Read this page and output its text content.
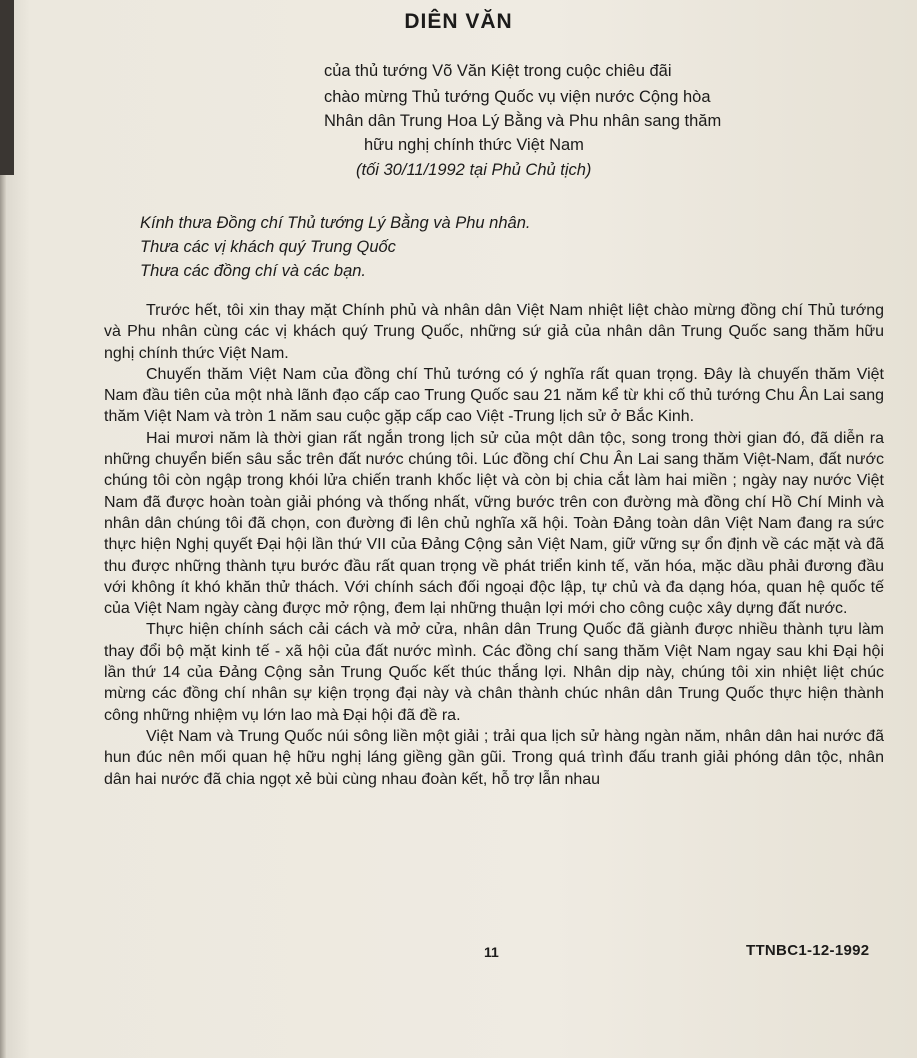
DIÊN VĂN
của thủ tướng Võ Văn Kiệt trong cuộc chiêu đãi
chào mừng Thủ tướng Quốc vụ viện nước Cộng hòa
Nhân dân Trung Hoa Lý Bằng và Phu nhân sang thăm
hữu nghị chính thức Việt Nam
(tối 30/11/1992 tại Phủ Chủ tịch)
Kính thưa Đồng chí Thủ tướng Lý Bằng và Phu nhân.
Thưa các vị khách quý Trung Quốc
Thưa các đồng chí và các bạn.

Trước hết, tôi xin thay mặt Chính phủ và nhân dân Việt Nam nhiệt liệt chào mừng đồng chí Thủ tướng và Phu nhân cùng các vị khách quý Trung Quốc, những sứ giả của nhân dân Trung Quốc sang thăm hữu nghị chính thức Việt Nam.

Chuyến thăm Việt Nam của đồng chí Thủ tướng có ý nghĩa rất quan trọng. Đây là chuyến thăm Việt Nam đầu tiên của một nhà lãnh đạo cấp cao Trung Quốc sau 21 năm kể từ khi cố thủ tướng Chu Ân Lai sang thăm Việt Nam và tròn 1 năm sau cuộc gặp cấp cao Việt -Trung lịch sử ở Bắc Kinh.

Hai mươi năm là thời gian rất ngắn trong lịch sử của một dân tộc, song trong thời gian đó, đã diễn ra những chuyển biến sâu sắc trên đất nước chúng tôi. Lúc đồng chí Chu Ân Lai sang thăm Việt-Nam, đất nước chúng tôi còn ngập trong khói lửa chiến tranh khốc liệt và còn bị chia cắt làm hai miền ; ngày nay nước Việt Nam đã được hoàn toàn giải phóng và thống nhất, vững bước trên con đường mà đồng chí Hồ Chí Minh và nhân dân chúng tôi đã chọn, con đường đi lên chủ nghĩa xã hội. Toàn Đảng toàn dân Việt Nam đang ra sức thực hiện Nghị quyết Đại hội lần thứ VII của Đảng Cộng sản Việt Nam, giữ vững sự ổn định về các mặt và đã thu được những thành tựu bước đầu rất quan trọng về phát triển kinh tế, văn hóa, mặc dầu phải đương đầu với không ít khó khăn thử thách. Với chính sách đối ngoại độc lập, tự chủ và đa dạng hóa, quan hệ quốc tế của Việt Nam ngày càng được mở rộng, đem lại những thuận lợi mới cho công cuộc xây dựng đất nước.

Thực hiện chính sách cải cách và mở cửa, nhân dân Trung Quốc đã giành được nhiều thành tựu làm thay đổi bộ mặt kinh tế - xã hội của đất nước mình. Các đồng chí sang thăm Việt Nam ngay sau khi Đại hội lần thứ 14 của Đảng Cộng sản Trung Quốc kết thúc thắng lợi. Nhân dịp này, chúng tôi xin nhiệt liệt chúc mừng các đồng chí nhân sự kiện trọng đại này và chân thành chúc nhân dân Trung Quốc thực hiện thành công những nhiệm vụ lớn lao mà Đại hội đã đề ra.

Việt Nam và Trung Quốc núi sông liền một giải ; trải qua lịch sử hàng ngàn năm, nhân dân hai nước đã hun đúc nên mối quan hệ hữu nghị láng giềng gần gũi. Trong quá trình đấu tranh giải phóng dân tộc, nhân dân hai nước đã chia ngọt xẻ bùi cùng nhau đoàn kết, hỗ trợ lẫn nhau

11	TTNBC1-12-1992
